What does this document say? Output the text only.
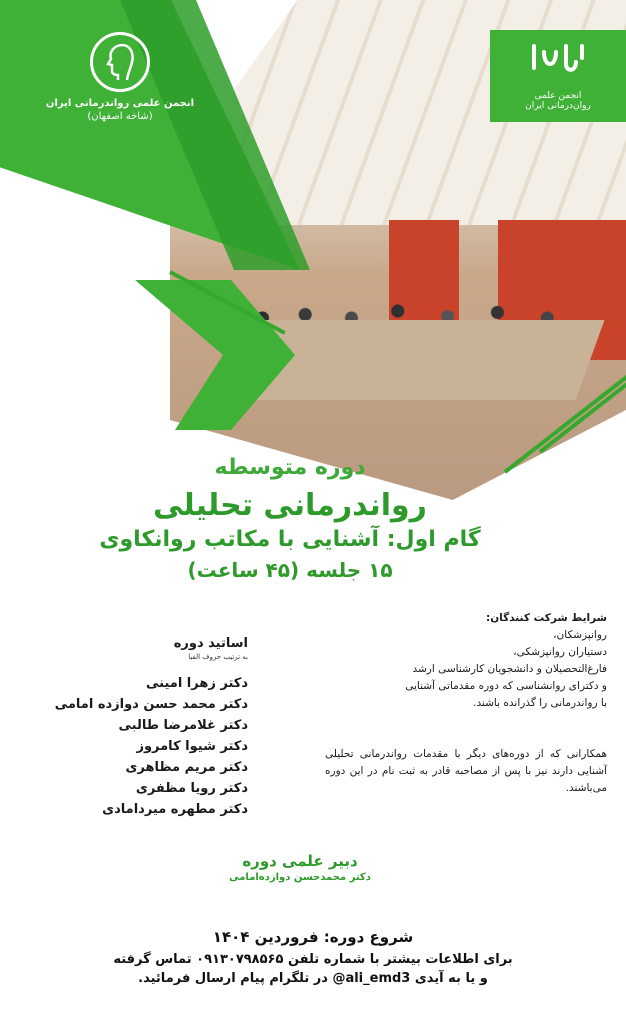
انجمن علمی رواندرمانی ایران
(شاخه اصفهان)
انجمن علمی
روان‌درمانی ایران
دوره متوسطه
رواندرمانی تحلیلی
گام اول: آشنایی با مکاتب روانکاوی
۱۵ جلسه (۴۵ ساعت)
اساتید دوره
به ترتیب حروف الفبا
دکتر زهرا امینی
دکتر محمد حسن دوازده امامی
دکتر غلامرضا طالبی
دکتر شیوا کامروز
دکتر مریم مظاهری
دکتر رویا مظفری
دکتر مطهره میردامادی
شرایط شرکت کنندگان:
روانپزشکان،
دستیاران روانپزشکی،
فارغ‌التحصیلان و دانشجویان کارشناسی ارشد
و دکترای روانشناسی که دوره مقدماتی آشنایی
با رواندرمانی را گذرانده باشند.
همکارانی که از دوره‌های دیگر با مقدمات رواندرمانی تحلیلی آشنایی دارند نیز با پس از مصاحبه قادر به ثبت نام در این دوره می‌باشند.
دبیر علمی دوره
دکتر محمدحسن دوازده‌امامی
شروع دوره: فروردین ۱۴۰۴
برای اطلاعات بیشتر با شماره تلفن ۰۹۱۳۰۷۹۸۵۶۵ تماس گرفته
و یا به آیدی @ali_emd3 در تلگرام پیام ارسال فرمائید.
